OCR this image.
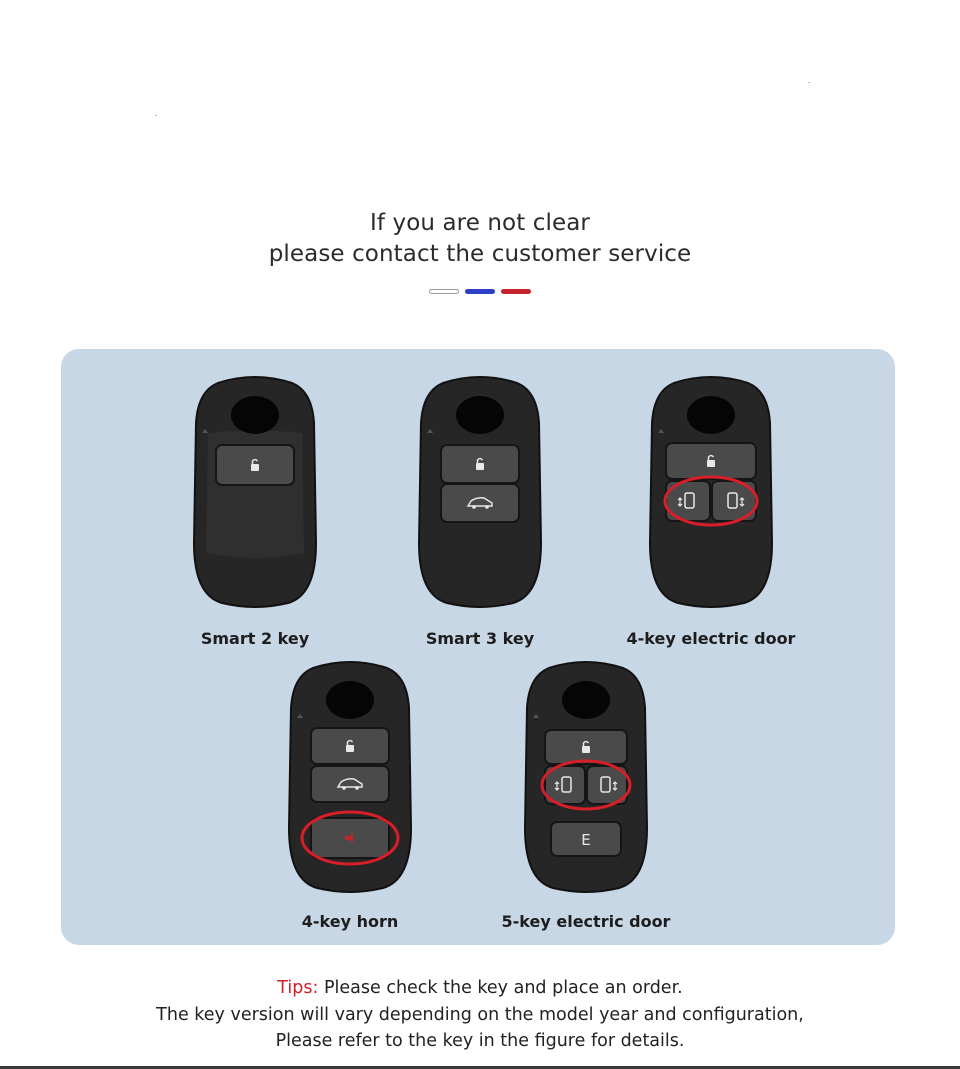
If you are not clear
please contact the customer service
Smart 2 key	Smart 3 key	4-key electric door
4-key horn
E
5-key electric door
Tips: Please check the key and place an order.
The key version will vary depending on the model year and configuration,
Please refer to the key in the figure for details.
